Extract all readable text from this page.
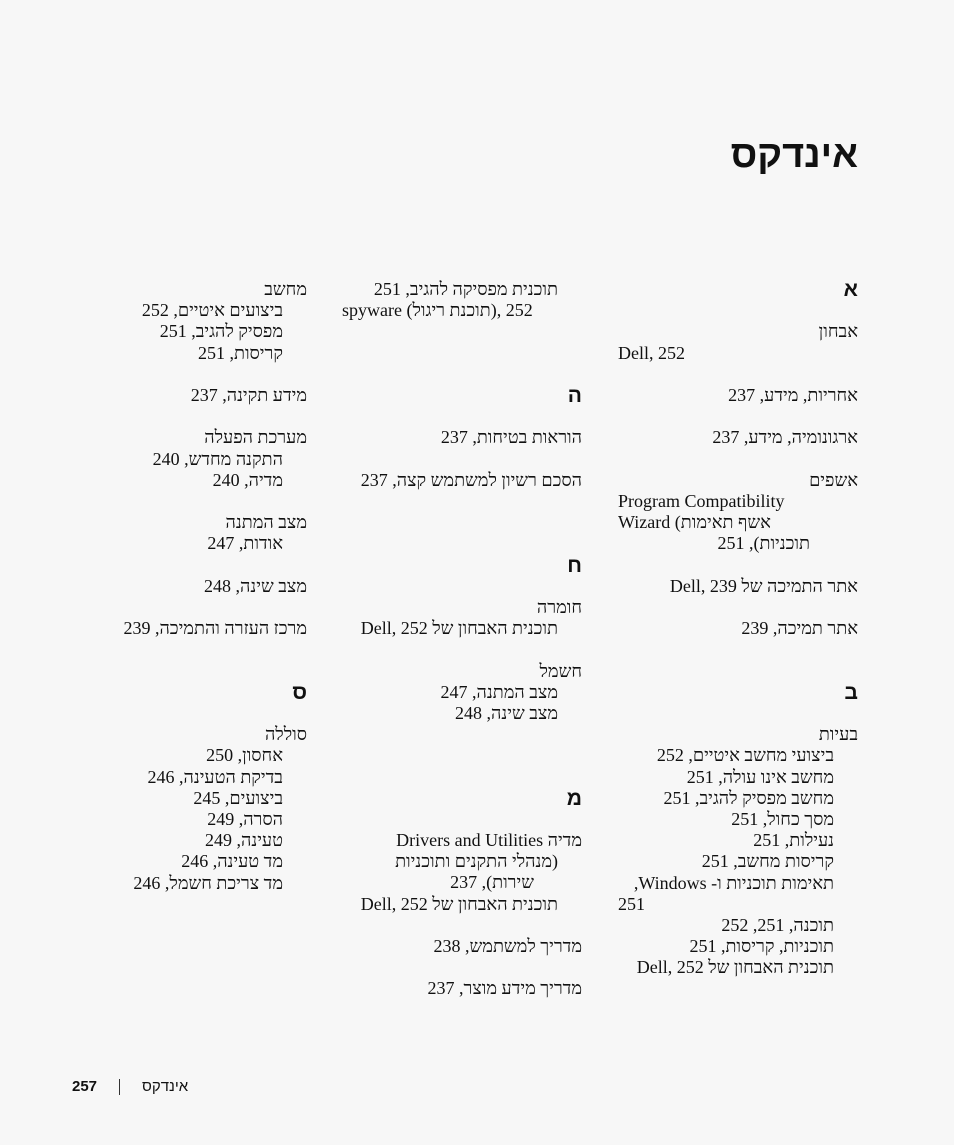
אינדקס
א
אבחון
Dell, 252
אחריות, מידע, 237
ארגונומיה, מידע, 237
אשפים
Program Compatibility
Wizard (אשף תאימות
תוכניות), 251
אתר התמיכה של Dell, 239
אתר תמיכה, 239
ב
בעיות
ביצועי מחשב איטיים, 252
מחשב אינו עולה, 251
מחשב מפסיק להגיב, 251
מסך כחול, 251
נעילות, 251
קריסות מחשב, 251
תאימות תוכניות ו- Windows,
251
תוכנה, 251, 252
תוכניות, קריסות, 251
תוכנית האבחון של Dell, 252
תוכנית מפסיקה להגיב, 251
spyware (תוכנת ריגול), 252
ה
הוראות בטיחות, 237
הסכם רשיון למשתמש קצה, 237
ח
חומרה
תוכנית האבחון של Dell, 252
חשמל
מצב המתנה, 247
מצב שינה, 248
מ
מדיה Drivers and Utilities
(מנהלי התקנים ותוכניות
שירות), 237
תוכנית האבחון של Dell, 252
מדריך למשתמש, 238
מדריך מידע מוצר, 237
מחשב
ביצועים איטיים, 252
מפסיק להגיב, 251
קריסות, 251
מידע תקינה, 237
מערכת הפעלה
התקנה מחדש, 240
מדיה, 240
מצב המתנה
אודות, 247
מצב שינה, 248
מרכז העזרה והתמיכה, 239
ס
סוללה
אחסון, 250
בדיקת הטעינה, 246
ביצועים, 245
הסרה, 249
טעינה, 249
מד טעינה, 246
מד צריכת חשמל, 246
257	אינדקס
